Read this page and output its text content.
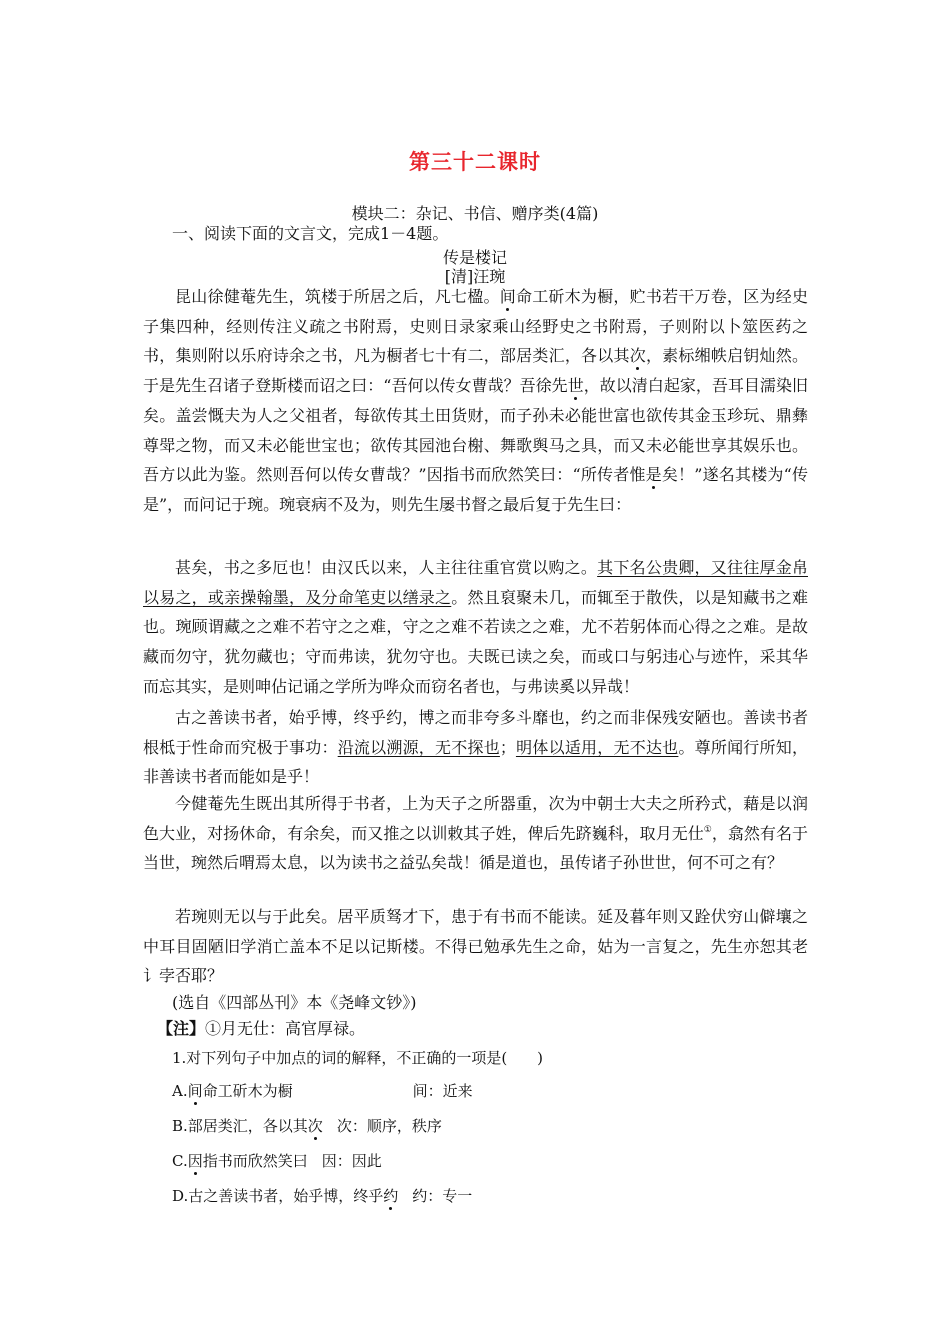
第三十二课时
模块二：杂记、书信、赠序类(4篇)
一、阅读下面的文言文，完成1－4题。
传是楼记
[清]汪琬
昆山徐健菴先生，筑楼于所居之后，凡七楹。间命工斫木为橱，贮书若干万卷，区为经史子集四种，经则传注义疏之书附焉，史则日录家乘山经野史之书附焉，子则附以卜筮医药之书，集则附以乐府诗余之书，凡为橱者七十有二，部居类汇，各以其次，素标缃帙启钥灿然。于是先生召诸子登斯楼而诏之曰：“吾何以传女曹哉？吾徐先世，故以清白起家，吾耳目濡染旧矣。盖尝慨夫为人之父祖者，每欲传其土田货财，而子孙未必能世富也欲传其金玉珍玩、鼎彝尊斝之物，而又未必能世宝也；欲传其园池台榭、舞歌舆马之具，而又未必能世享其娱乐也。吾方以此为鉴。然则吾何以传女曹哉？”因指书而欣然笑曰：“所传者惟是矣！”遂名其楼为“传是”，而问记于琬。琬衰病不及为，则先生屡书督之最后复于先生曰：
甚矣，书之多厄也！由汉氏以来，人主往往重官赏以购之。其下名公贵卿，又往往厚金帛以易之，或亲操翰墨，及分命笔吏以缮录之。然且裒聚未几，而辄至于散佚，以是知藏书之难也。琬顾谓藏之之难不若守之之难，守之之难不若读之之难，尤不若躬体而心得之之难。是故藏而勿守，犹勿藏也；守而弗读，犹勿守也。夫既已读之矣，而或口与躬违心与迹忤，采其华而忘其实，是则呻佔记诵之学所为哗众而窃名者也，与弗读奚以异哉！
古之善读书者，始乎博，终乎约，博之而非夸多斗靡也，约之而非保残安陋也。善读书者根柢于性命而究极于事功：沿流以溯源，无不探也；明体以适用，无不达也。尊所闻行所知，非善读书者而能如是乎！
今健菴先生既出其所得于书者，上为天子之所器重，次为中朝士大夫之所矜式，藉是以润色大业，对扬休命，有余矣，而又推之以训敕其子姓，俾后先跻巍科，取月无仕①，翕然有名于当世，琬然后喟焉太息，以为读书之益弘矣哉！循是道也，虽传诸子孙世世，何不可之有？
若琬则无以与于此矣。居平质驽才下，患于有书而不能读。延及暮年则又跧伏穷山僻壤之中耳目固陋旧学消亡盖本不足以记斯楼。不得已勉承先生之命，姑为一言复之，先生亦恕其老讠孛否耶？
(选自《四部丛刊》本《尧峰文钞》)
【注】①月无仕：高官厚禄。
1.对下列句子中加点的词的解释，不正确的一项是(　　)
A.间命工斫木为橱	间：近来
B.部居类汇，各以其次 次：顺序，秩序
C.因指书而欣然笑曰 因：因此
D.古之善读书者，始乎博，终乎约 约：专一
